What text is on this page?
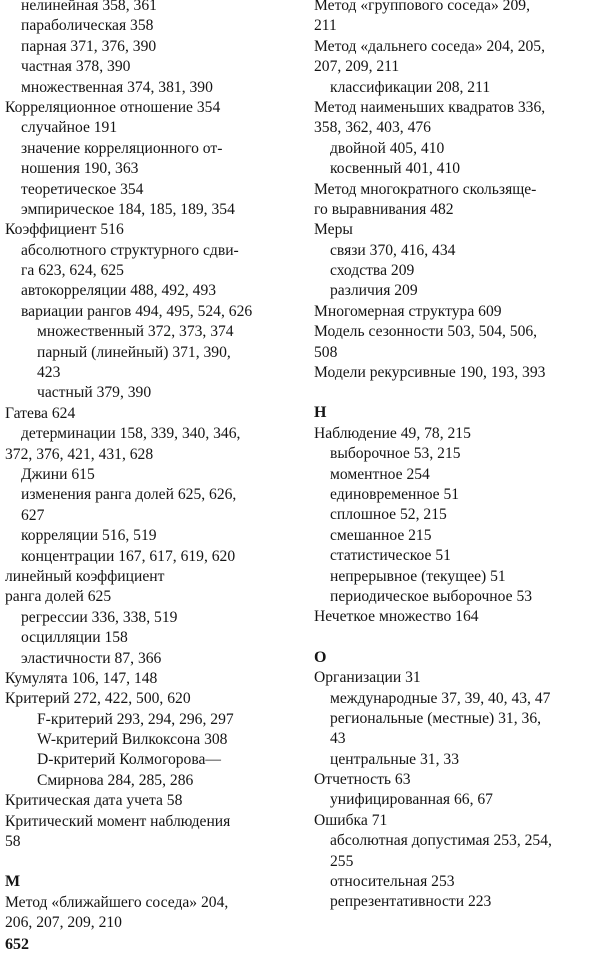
нелинейная 358, 361
параболическая 358
парная 371, 376, 390
частная 378, 390
множественная 374, 381, 390
Корреляционное отношение 354
случайное 191
значение корреляционного от-
ношения 190, 363
теоретическое 354
эмпирическое 184, 185, 189, 354
Коэффициент 516
абсолютного структурного сдви-
га 623, 624, 625
автокорреляции 488, 492, 493
вариации рангов 494, 495, 524, 626
множественный 372, 373, 374
парный (линейный) 371, 390,
423
частный 379, 390
Гатева 624
детерминации 158, 339, 340, 346,
372, 376, 421, 431, 628
Джини 615
изменения ранга долей 625, 626,
627
корреляции 516, 519
концентрации 167, 617, 619, 620
линейный коэффициент
ранга долей 625
регрессии 336, 338, 519
осцилляции 158
эластичности 87, 366
Кумулята 106, 147, 148
Критерий 272, 422, 500, 620
F-критерий 293, 294, 296, 297
W-критерий Вилкоксона 308
D-критерий Колмогорова—
Смирнова 284, 285, 286
Критическая дата учета 58
Критический момент наблюдения
58
М
Метод «ближайшего соседа» 204,
206, 207, 209, 210
Метод «группового соседа» 209,
211
Метод «дальнего соседа» 204, 205,
207, 209, 211
классификации 208, 211
Метод наименьших квадратов 336,
358, 362, 403, 476
двойной 405, 410
косвенный 401, 410
Метод многократного скользяще-
го выравнивания 482
Меры
связи 370, 416, 434
сходства 209
различия 209
Многомерная структура 609
Модель сезонности 503, 504, 506,
508
Модели рекурсивные 190, 193, 393
Н
Наблюдение 49, 78, 215
выборочное 53, 215
моментное 254
единовременное 51
сплошное 52, 215
смешанное 215
статистическое 51
непрерывное (текущее) 51
периодическое выборочное 53
Нечеткое множество 164
О
Организации 31
международные 37, 39, 40, 43, 47
региональные (местные) 31, 36,
43
центральные 31, 33
Отчетность 63
унифицированная 66, 67
Ошибка 71
абсолютная допустимая 253, 254,
255
относительная 253
репрезентативности 223
652
